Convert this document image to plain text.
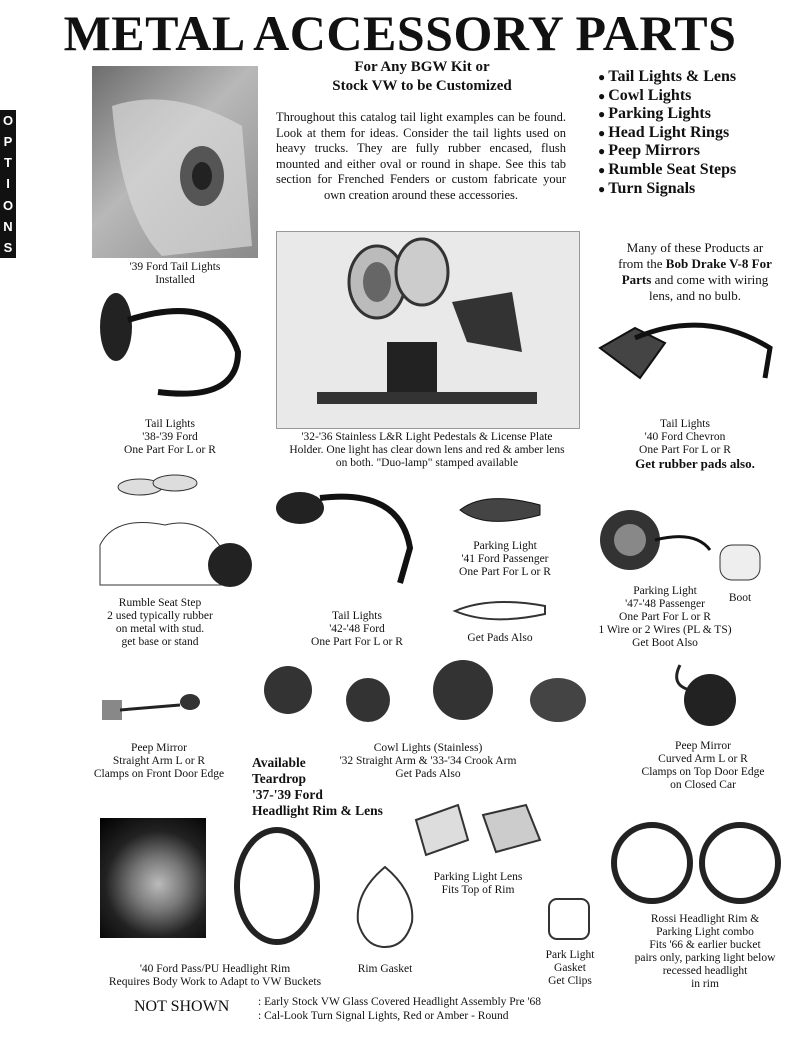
METAL ACCESSORY PARTS
O
P
T
I
O
N
S
'39 Ford Tail Lights
Installed
For Any BGW Kit or
Stock VW to be Customized
Throughout this catalog tail light examples can be found. Look at them for ideas. Consider the tail lights used on heavy trucks. They are fully rubber encased, flush mounted and either oval or round in shape. See this tab section for Frenched Fenders or custom fabricate your own creation around these accessories.
● Tail Lights & Lens
● Cowl Lights
● Parking Lights
● Head Light Rings
● Peep Mirrors
● Rumble Seat Steps
● Turn Signals
Many of these Products ar
from the Bob Drake V-8 For
Parts and come with wiring
lens, and no bulb.
'32-'36 Stainless L&R Light Pedestals & License Plate
Holder. One light has clear down lens and red & amber lens
on both. "Duo-lamp" stamped available
Tail Lights
'38-'39 Ford
One Part For L or R
Tail Lights
'40 Ford Chevron
One Part For L or R
Get rubber pads also.
Rumble Seat Step
2 used typically rubber
on metal with stud.
get base or stand
Tail Lights
'42-'48 Ford
One Part For L or R
Parking Light
'41 Ford Passenger
One Part For L or R
Get Pads Also
Parking Light
'47-'48 Passenger
One Part For L or R
1 Wire or 2 Wires (PL & TS)
Get Boot Also
Boot
Peep Mirror
Straight Arm L or R
Clamps on Front Door Edge
Cowl Lights (Stainless)
'32 Straight Arm & '33-'34 Crook Arm
Get Pads Also
Peep Mirror
Curved Arm L or R
Clamps on Top Door Edge
on Closed Car
Available
Teardrop
'37-'39 Ford
Headlight Rim & Lens
'40 Ford Pass/PU Headlight Rim
Requires Body Work to Adapt to VW Buckets
Rim Gasket
Parking Light Lens
Fits Top of Rim
Park Light
Gasket
Get Clips
Rossi Headlight Rim &
Parking Light combo
Fits '66 & earlier bucket
pairs only, parking light below
recessed headlight
in rim
NOT SHOWN : Early Stock VW Glass Covered Headlight Assembly Pre '68
: Cal-Look Turn Signal Lights, Red or Amber - Round
